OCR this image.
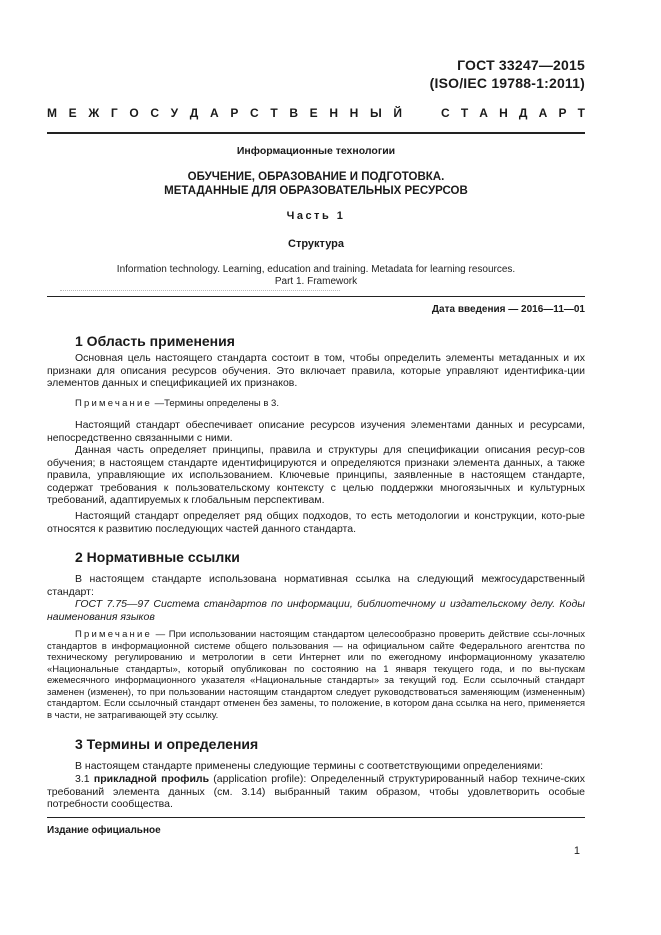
ГОСТ 33247—2015
(ISO/IEC 19788-1:2011)
М Е Ж Г О С У Д А Р С Т В Е Н Н Ы Й	С Т А Н Д А Р Т
Информационные технологии
ОБУЧЕНИЕ, ОБРАЗОВАНИЕ И ПОДГОТОВКА.
МЕТАДАННЫЕ ДЛЯ ОБРАЗОВАТЕЛЬНЫХ РЕСУРСОВ
Часть 1
Структура
Information technology. Learning, education and training. Metadata for learning resources.
Part 1. Framework
Дата введения — 2016—11—01
1 Область применения
Основная цель настоящего стандарта состоит в том, чтобы определить элементы метаданных и их признаки для описания ресурсов обучения. Это включает правила, которые управляют идентифика-ции элементов данных и спецификацией их признаков.
Примечание —Термины определены в 3.
Настоящий стандарт обеспечивает описание ресурсов изучения элементами данных и ресурсами, непосредственно связанными с ними.
Данная часть определяет принципы, правила и структуры для спецификации описания ресур-сов обучения; в настоящем стандарте идентифицируются и определяются признаки элемента данных, а также правила, управляющие их использованием. Ключевые принципы, заявленные в настоящем стандарте, содержат требования к пользовательскому контексту с целью поддержки многоязычных и культурных требований, адаптируемых к глобальным перспективам.
Настоящий стандарт определяет ряд общих подходов, то есть методологии и конструкции, кото-рые относятся к развитию последующих частей данного стандарта.
2 Нормативные ссылки
В настоящем стандарте использована нормативная ссылка на следующий межгосударственный стандарт:
ГОСТ 7.75—97 Система стандартов по информации, библиотечному и издательскому делу. Коды наименования языков
Примечание — При использовании настоящим стандартом целесообразно проверить действие ссы-лочных стандартов в информационной системе общего пользования — на официальном сайте Федерального агентства по техническому регулированию и метрологии в сети Интернет или по ежегодному информационному указателю «Национальные стандарты», который опубликован по состоянию на 1 января текущего года, и по вы-пускам ежемесячного информационного указателя «Национальные стандарты» за текущий год. Если ссылочный стандарт заменен (изменен), то при пользовании настоящим стандартом следует руководствоваться заменяющим (измененным) стандартом. Если ссылочный стандарт отменен без замены, то положение, в котором дана ссылка на него, применяется в части, не затрагивающей эту ссылку.
3 Термины и определения
В настоящем стандарте применены следующие термины с соответствующими определениями:
3.1 прикладной профиль (application profile): Определенный структурированный набор техниче-ских требований элемента данных (см. 3.14) выбранный таким образом, чтобы удовлетворить особые потребности сообщества.
Издание официальное
1
